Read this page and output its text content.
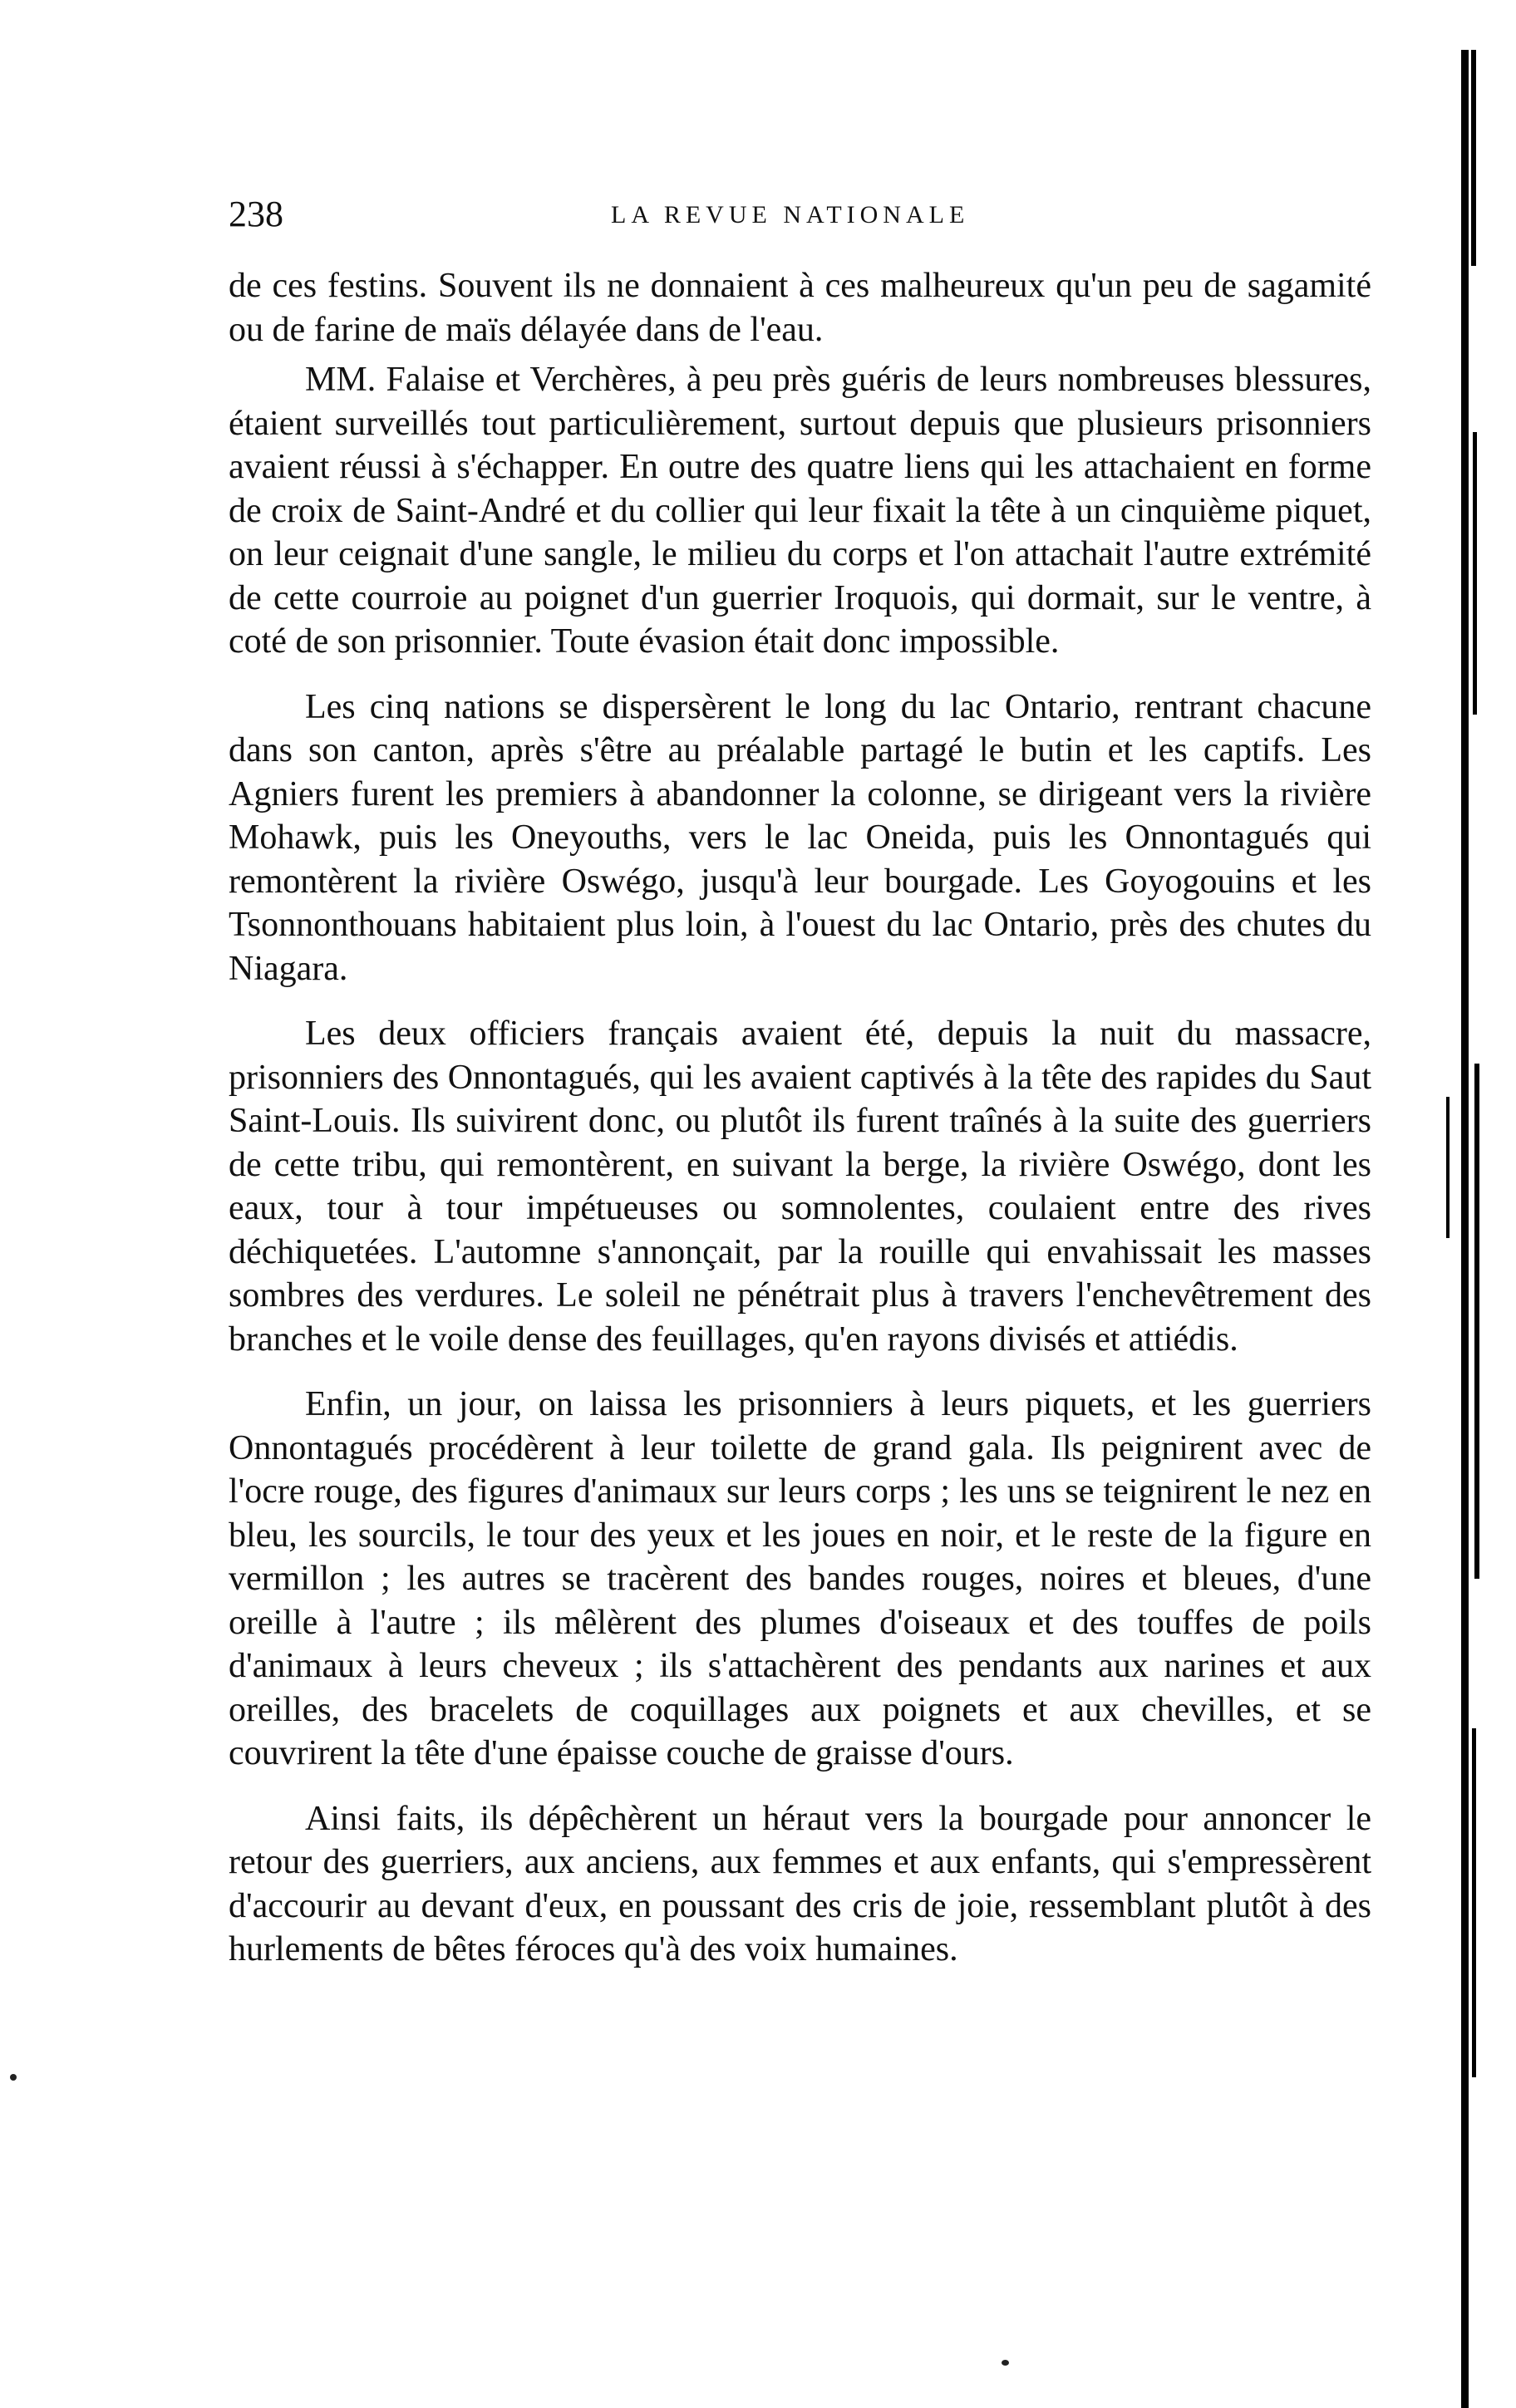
238	LA REVUE NATIONALE

de ces festins. Souvent ils ne donnaient à ces malheureux qu'un peu de sagamité ou de farine de maïs délayée dans de l'eau.

MM. Falaise et Verchères, à peu près guéris de leurs nombreuses blessures, étaient surveillés tout particulièrement, surtout depuis que plusieurs prisonniers avaient réussi à s'échapper. En outre des quatre liens qui les attachaient en forme de croix de Saint-André et du collier qui leur fixait la tête à un cinquième piquet, on leur ceignait d'une sangle, le milieu du corps et l'on attachait l'autre extrémité de cette courroie au poignet d'un guerrier Iroquois, qui dormait, sur le ventre, à coté de son prisonnier. Toute évasion était donc impossible.

Les cinq nations se dispersèrent le long du lac Ontario, rentrant chacune dans son canton, après s'être au préalable partagé le butin et les captifs. Les Agniers furent les premiers à abandonner la colonne, se dirigeant vers la rivière Mohawk, puis les Oneyouths, vers le lac Oneida, puis les Onnontagués qui remontèrent la rivière Oswégo, jusqu'à leur bourgade. Les Goyogouins et les Tsonnonthouans habitaient plus loin, à l'ouest du lac Ontario, près des chutes du Niagara.

Les deux officiers français avaient été, depuis la nuit du massacre, prisonniers des Onnontagués, qui les avaient captivés à la tête des rapides du Saut Saint-Louis. Ils suivirent donc, ou plutôt ils furent traînés à la suite des guerriers de cette tribu, qui remontèrent, en suivant la berge, la rivière Oswégo, dont les eaux, tour à tour impétueuses ou somnolentes, coulaient entre des rives déchiquetées. L'automne s'annonçait, par la rouille qui envahissait les masses sombres des verdures. Le soleil ne pénétrait plus à travers l'enchevêtrement des branches et le voile dense des feuillages, qu'en rayons divisés et attiédis.

Enfin, un jour, on laissa les prisonniers à leurs piquets, et les guerriers Onnontagués procédèrent à leur toilette de grand gala. Ils peignirent avec de l'ocre rouge, des figures d'animaux sur leurs corps ; les uns se teignirent le nez en bleu, les sourcils, le tour des yeux et les joues en noir, et le reste de la figure en vermillon ; les autres se tracèrent des bandes rouges, noires et bleues, d'une oreille à l'autre ; ils mêlèrent des plumes d'oiseaux et des touffes de poils d'animaux à leurs cheveux ; ils s'attachèrent des pendants aux narines et aux oreilles, des bracelets de coquillages aux poignets et aux chevilles, et se couvrirent la tête d'une épaisse couche de graisse d'ours.

Ainsi faits, ils dépêchèrent un héraut vers la bourgade pour annoncer le retour des guerriers, aux anciens, aux femmes et aux enfants, qui s'empressèrent d'accourir au devant d'eux, en poussant des cris de joie, ressemblant plutôt à des hurlements de bêtes féroces qu'à des voix humaines.
